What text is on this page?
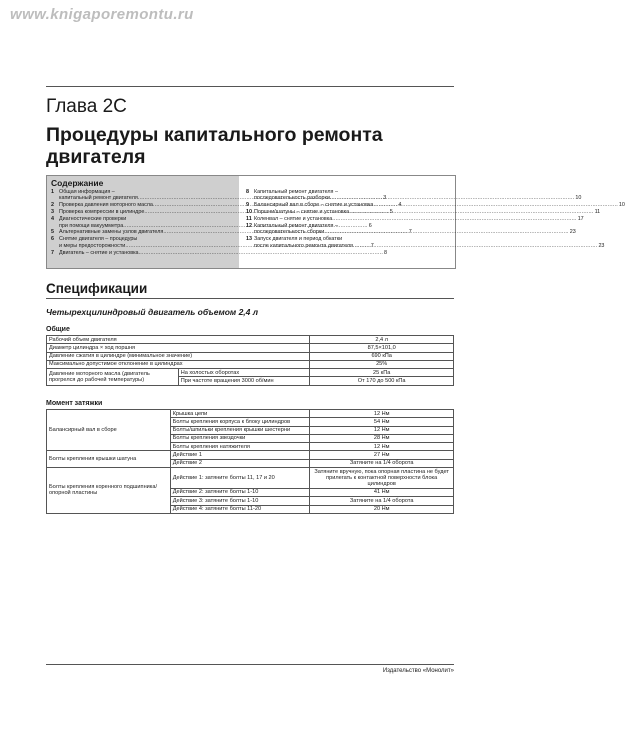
www.knigaporemontu.ru
Глава 2С
Процедуры капитального ремонта двигателя
Содержание
1 Общая информация –
капитальный ремонт двигателя .....	3
2 Проверка давления моторного масла .....	4
3 Проверка компрессии в цилиндре .....	5
4 Диагностические проверки
при помощи вакуумметра .....	6
5 Альтернативные замены узлов двигателя .....	7
6 Снятие двигателя – процедуры
и меры предосторожности .....	7
7 Двигатель – снятие и установка .....	8
8 Капитальный ремонт двигателя –
последовательность разборки .....	10
9 Балансирный вал в сборе – снятие и установка .....	10
10 Поршни/шатуны – снятие и установка .....	11
11 Коленвал – снятие и установка .....	17
12 Капитальный ремонт двигателя –
последовательность сборки .....	23
13 Запуск двигателя и период обкатки
после капитального ремонта двигателя .....	23
Спецификации
Четырехцилиндровый двигатель объемом 2,4 л
Общие
Рабочий объем двигателя		2,4 л
Диаметр цилиндра × ход поршня		87,5×101,0
Давление сжатия в цилиндре (минимальное значение)		690 кПа
Максимально допустимое отклонение в цилиндрах		25%
Давление моторного масла (двигатель прогрелся до рабочей температуры)	На холостых оборотах	25 кПа
	При частоте вращения 3000 об/мин	От 170 до 500 кПа
Момент затяжки
Балансирный вал в сборе	Крышка цепи	12 Нм
	Болты крепления корпуса к блоку цилиндров	54 Нм
	Болты/шпильки крепления крышки шестерни	12 Нм
	Болты крепления звездочки	28 Нм
	Болты крепления натяжителя	12 Нм
Болты крепления крышки шатуна	Действие 1	27 Нм
	Действие 2	Затяните на 1/4 оборота
Болты крепления коренного подшипника/опорной пластины	Действие 1: затяните болты 11, 17 и 20	Затяните вручную, пока опорная пластина не будет прилегать к контактной поверхности блока цилиндров
	Действие 2: затяните болты 1-10	41 Нм
	Действие 3: затяните болты 1-10	Затяните на 1/4 оборота
	Действие 4: затяните болты 11-20	20 Нм
Издательство «Монолит»
